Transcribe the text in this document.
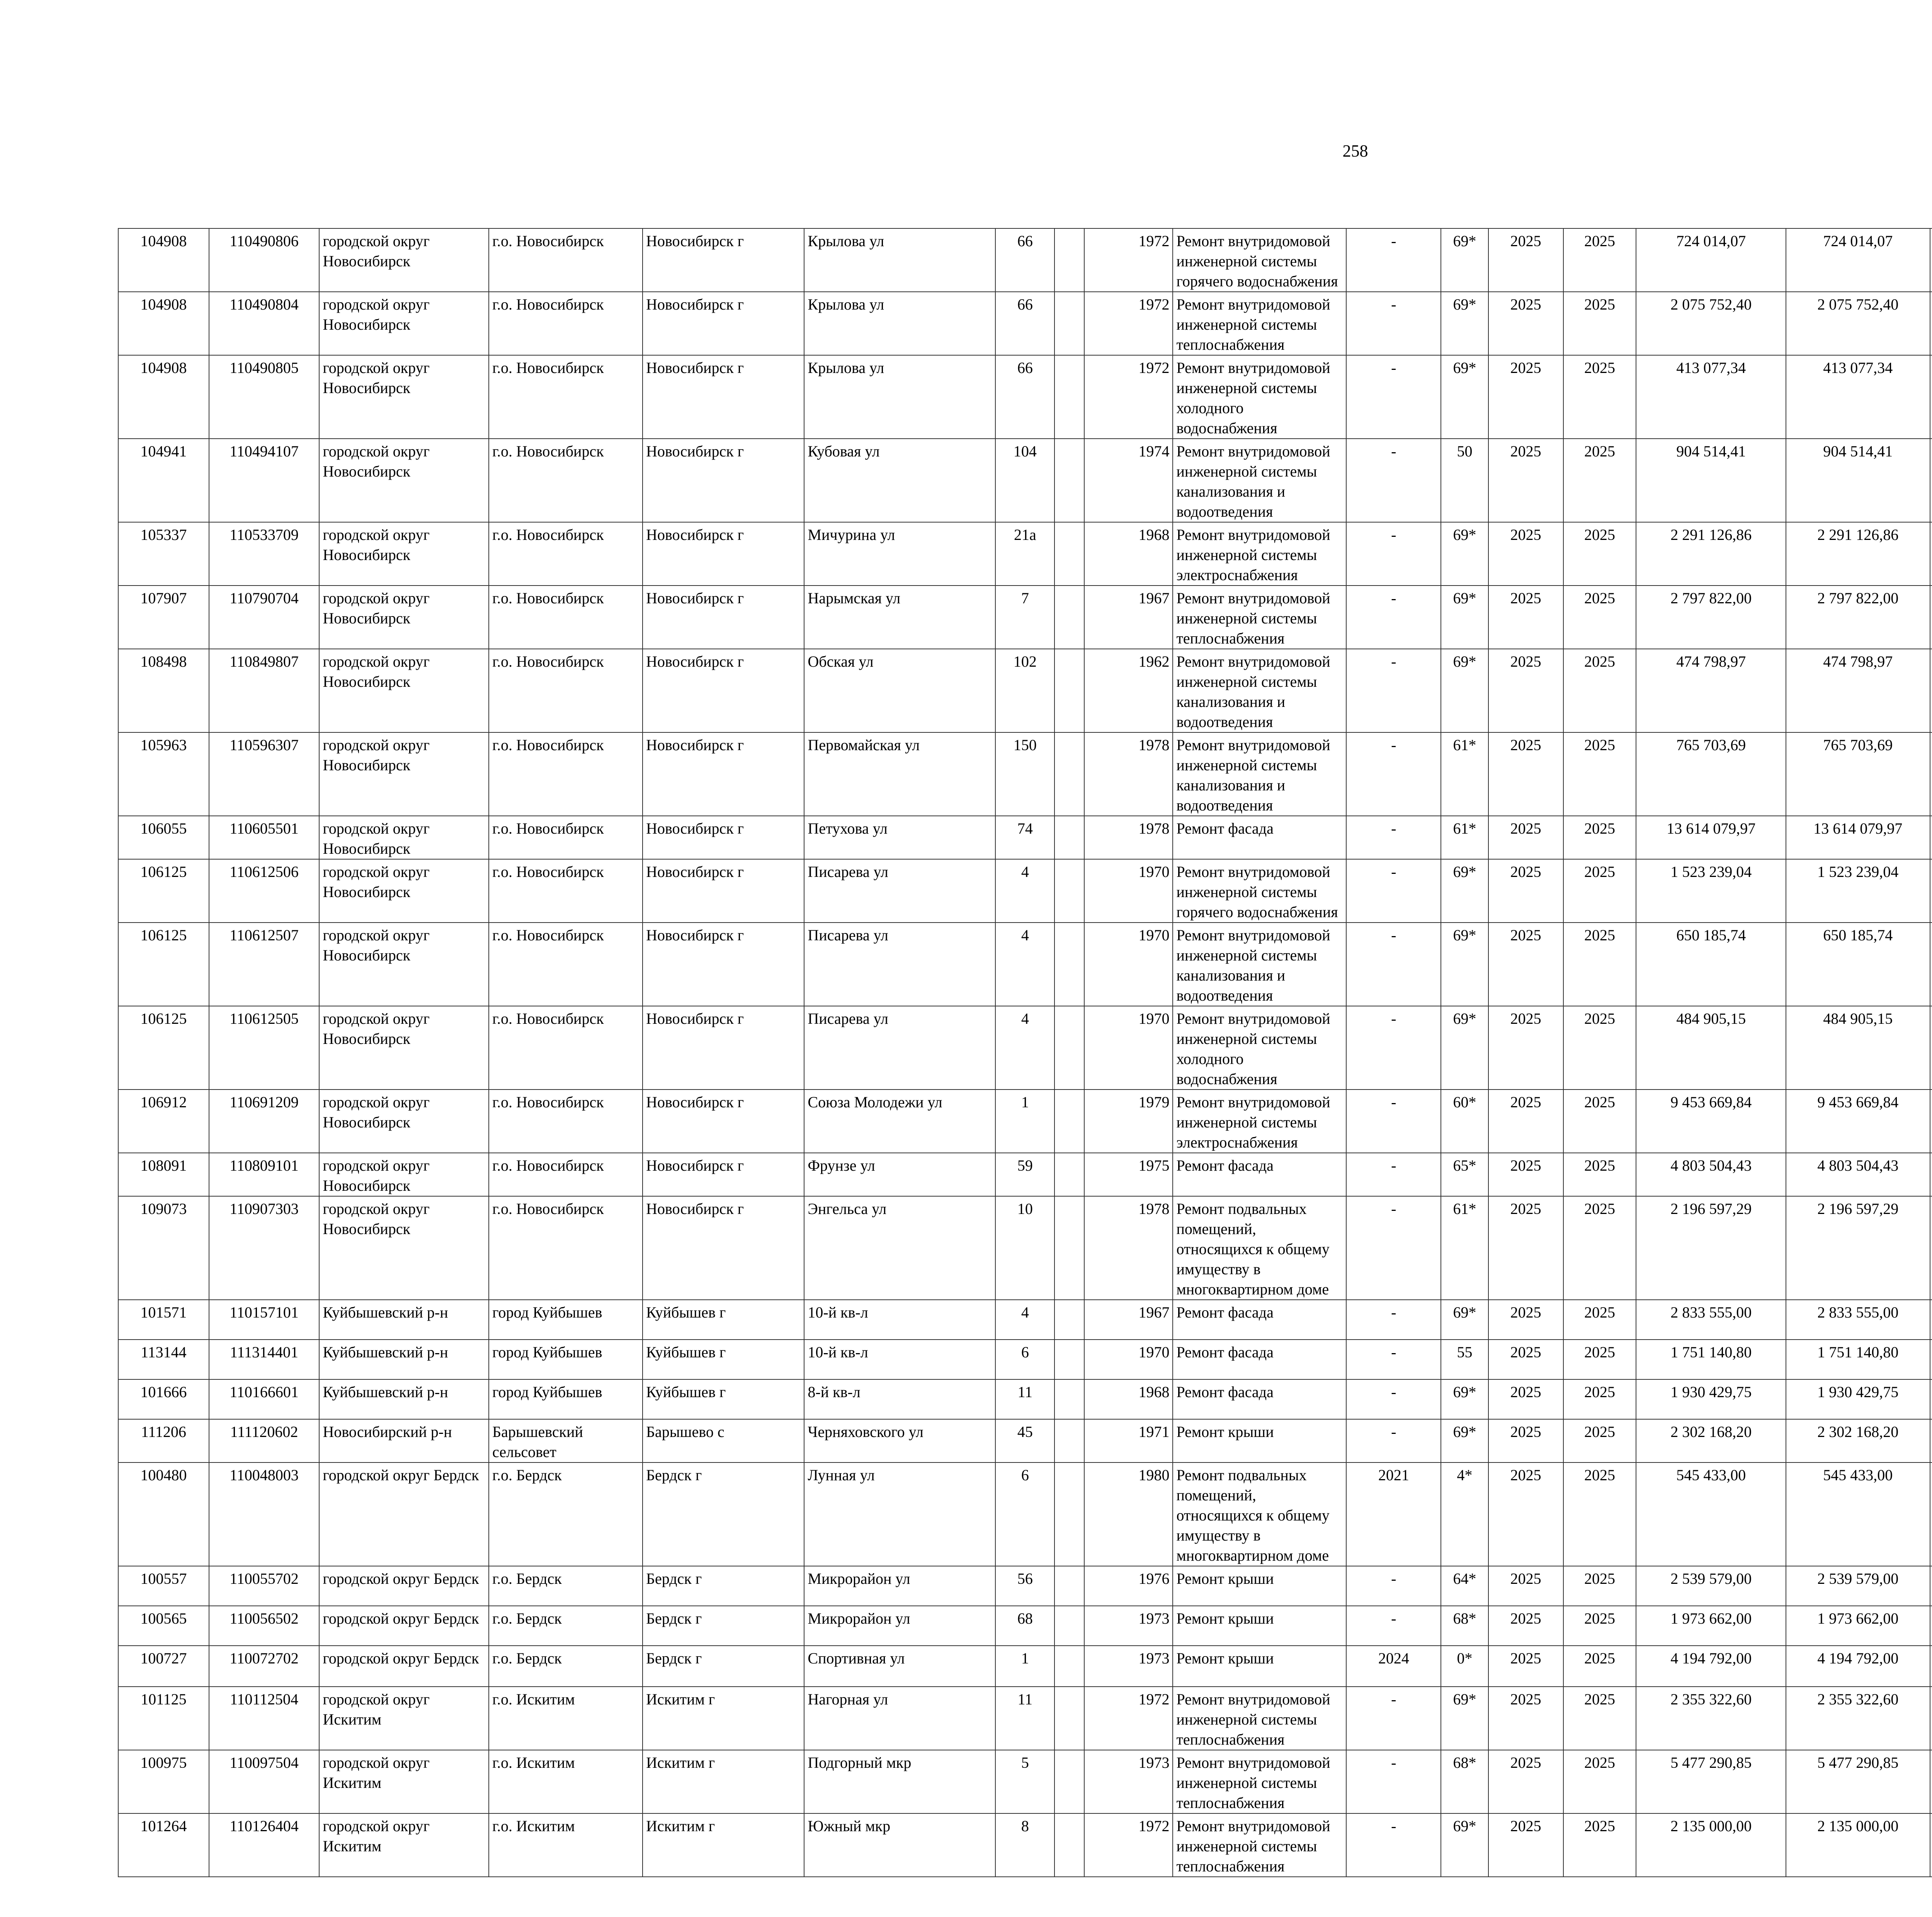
258
104908	110490806	городской округ Новосибирск	г.о. Новосибирск	Новосибирск г	Крылова ул	66		1972	Ремонт внутридомовой инженерной системы горячего водоснабжения	-	69*	2025	2025	724 014,07	724 014,07						
104908	110490804	городской округ Новосибирск	г.о. Новосибирск	Новосибирск г	Крылова ул	66		1972	Ремонт внутридомовой инженерной системы теплоснабжения	-	69*	2025	2025	2 075 752,40	2 075 752,40						
104908	110490805	городской округ Новосибирск	г.о. Новосибирск	Новосибирск г	Крылова ул	66		1972	Ремонт внутридомовой инженерной системы холодного водоснабжения	-	69*	2025	2025	413 077,34	413 077,34						
104941	110494107	городской округ Новосибирск	г.о. Новосибирск	Новосибирск г	Кубовая ул	104		1974	Ремонт внутридомовой инженерной системы канализования и водоотведения	-	50	2025	2025	904 514,41	904 514,41						
105337	110533709	городской округ Новосибирск	г.о. Новосибирск	Новосибирск г	Мичурина ул	21а		1968	Ремонт внутридомовой инженерной системы электроснабжения	-	69*	2025	2025	2 291 126,86	2 291 126,86						
107907	110790704	городской округ Новосибирск	г.о. Новосибирск	Новосибирск г	Нарымская ул	7		1967	Ремонт внутридомовой инженерной системы теплоснабжения	-	69*	2025	2025	2 797 822,00	2 797 822,00						
108498	110849807	городской округ Новосибирск	г.о. Новосибирск	Новосибирск г	Обская ул	102		1962	Ремонт внутридомовой инженерной системы канализования и водоотведения	-	69*	2025	2025	474 798,97	474 798,97						
105963	110596307	городской округ Новосибирск	г.о. Новосибирск	Новосибирск г	Первомайская ул	150		1978	Ремонт внутридомовой инженерной системы канализования и водоотведения	-	61*	2025	2025	765 703,69	765 703,69						
106055	110605501	городской округ Новосибирск	г.о. Новосибирск	Новосибирск г	Петухова ул	74		1978	Ремонт фасада	-	61*	2025	2025	13 614 079,97	13 614 079,97						
106125	110612506	городской округ Новосибирск	г.о. Новосибирск	Новосибирск г	Писарева ул	4		1970	Ремонт внутридомовой инженерной системы горячего водоснабжения	-	69*	2025	2025	1 523 239,04	1 523 239,04						
106125	110612507	городской округ Новосибирск	г.о. Новосибирск	Новосибирск г	Писарева ул	4		1970	Ремонт внутридомовой инженерной системы канализования и водоотведения	-	69*	2025	2025	650 185,74	650 185,74						
106125	110612505	городской округ Новосибирск	г.о. Новосибирск	Новосибирск г	Писарева ул	4		1970	Ремонт внутридомовой инженерной системы холодного водоснабжения	-	69*	2025	2025	484 905,15	484 905,15						
106912	110691209	городской округ Новосибирск	г.о. Новосибирск	Новосибирск г	Союза Молодежи ул	1		1979	Ремонт внутридомовой инженерной системы электроснабжения	-	60*	2025	2025	9 453 669,84	9 453 669,84						
108091	110809101	городской округ Новосибирск	г.о. Новосибирск	Новосибирск г	Фрунзе ул	59		1975	Ремонт фасада	-	65*	2025	2025	4 803 504,43	4 803 504,43						
109073	110907303	городской округ Новосибирск	г.о. Новосибирск	Новосибирск г	Энгельса ул	10		1978	Ремонт подвальных помещений, относящихся к общему имуществу в многоквартирном доме	-	61*	2025	2025	2 196 597,29	2 196 597,29						
101571	110157101	Куйбышевский р-н	город Куйбышев	Куйбышев г	10-й кв-л	4		1967	Ремонт фасада	-	69*	2025	2025	2 833 555,00	2 833 555,00						
113144	111314401	Куйбышевский р-н	город Куйбышев	Куйбышев г	10-й кв-л	6		1970	Ремонт фасада	-	55	2025	2025	1 751 140,80	1 751 140,80						
101666	110166601	Куйбышевский р-н	город Куйбышев	Куйбышев г	8-й кв-л	11		1968	Ремонт фасада	-	69*	2025	2025	1 930 429,75	1 930 429,75						
111206	111120602	Новосибирский р-н	Барышевский сельсовет	Барышево с	Черняховского ул	45		1971	Ремонт крыши	-	69*	2025	2025	2 302 168,20	2 302 168,20						
100480	110048003	городской округ Бердск	г.о. Бердск	Бердск г	Лунная ул	6		1980	Ремонт подвальных помещений, относящихся к общему имуществу в многоквартирном доме	2021	4*	2025	2025	545 433,00	545 433,00						
100557	110055702	городской округ Бердск	г.о. Бердск	Бердск г	Микрорайон ул	56		1976	Ремонт крыши	-	64*	2025	2025	2 539 579,00	2 539 579,00						
100565	110056502	городской округ Бердск	г.о. Бердск	Бердск г	Микрорайон ул	68		1973	Ремонт крыши	-	68*	2025	2025	1 973 662,00	1 973 662,00						
100727	110072702	городской округ Бердск	г.о. Бердск	Бердск г	Спортивная ул	1		1973	Ремонт крыши	2024	0*	2025	2025	4 194 792,00	4 194 792,00						
101125	110112504	городской округ Искитим	г.о. Искитим	Искитим г	Нагорная ул	11		1972	Ремонт внутридомовой инженерной системы теплоснабжения	-	69*	2025	2025	2 355 322,60	2 355 322,60						
100975	110097504	городской округ Искитим	г.о. Искитим	Искитим г	Подгорный мкр	5		1973	Ремонт внутридомовой инженерной системы теплоснабжения	-	68*	2025	2025	5 477 290,85	5 477 290,85						
101264	110126404	городской округ Искитим	г.о. Искитим	Искитим г	Южный мкр	8		1972	Ремонт внутридомовой инженерной системы теплоснабжения	-	69*	2025	2025	2 135 000,00	2 135 000,00						
